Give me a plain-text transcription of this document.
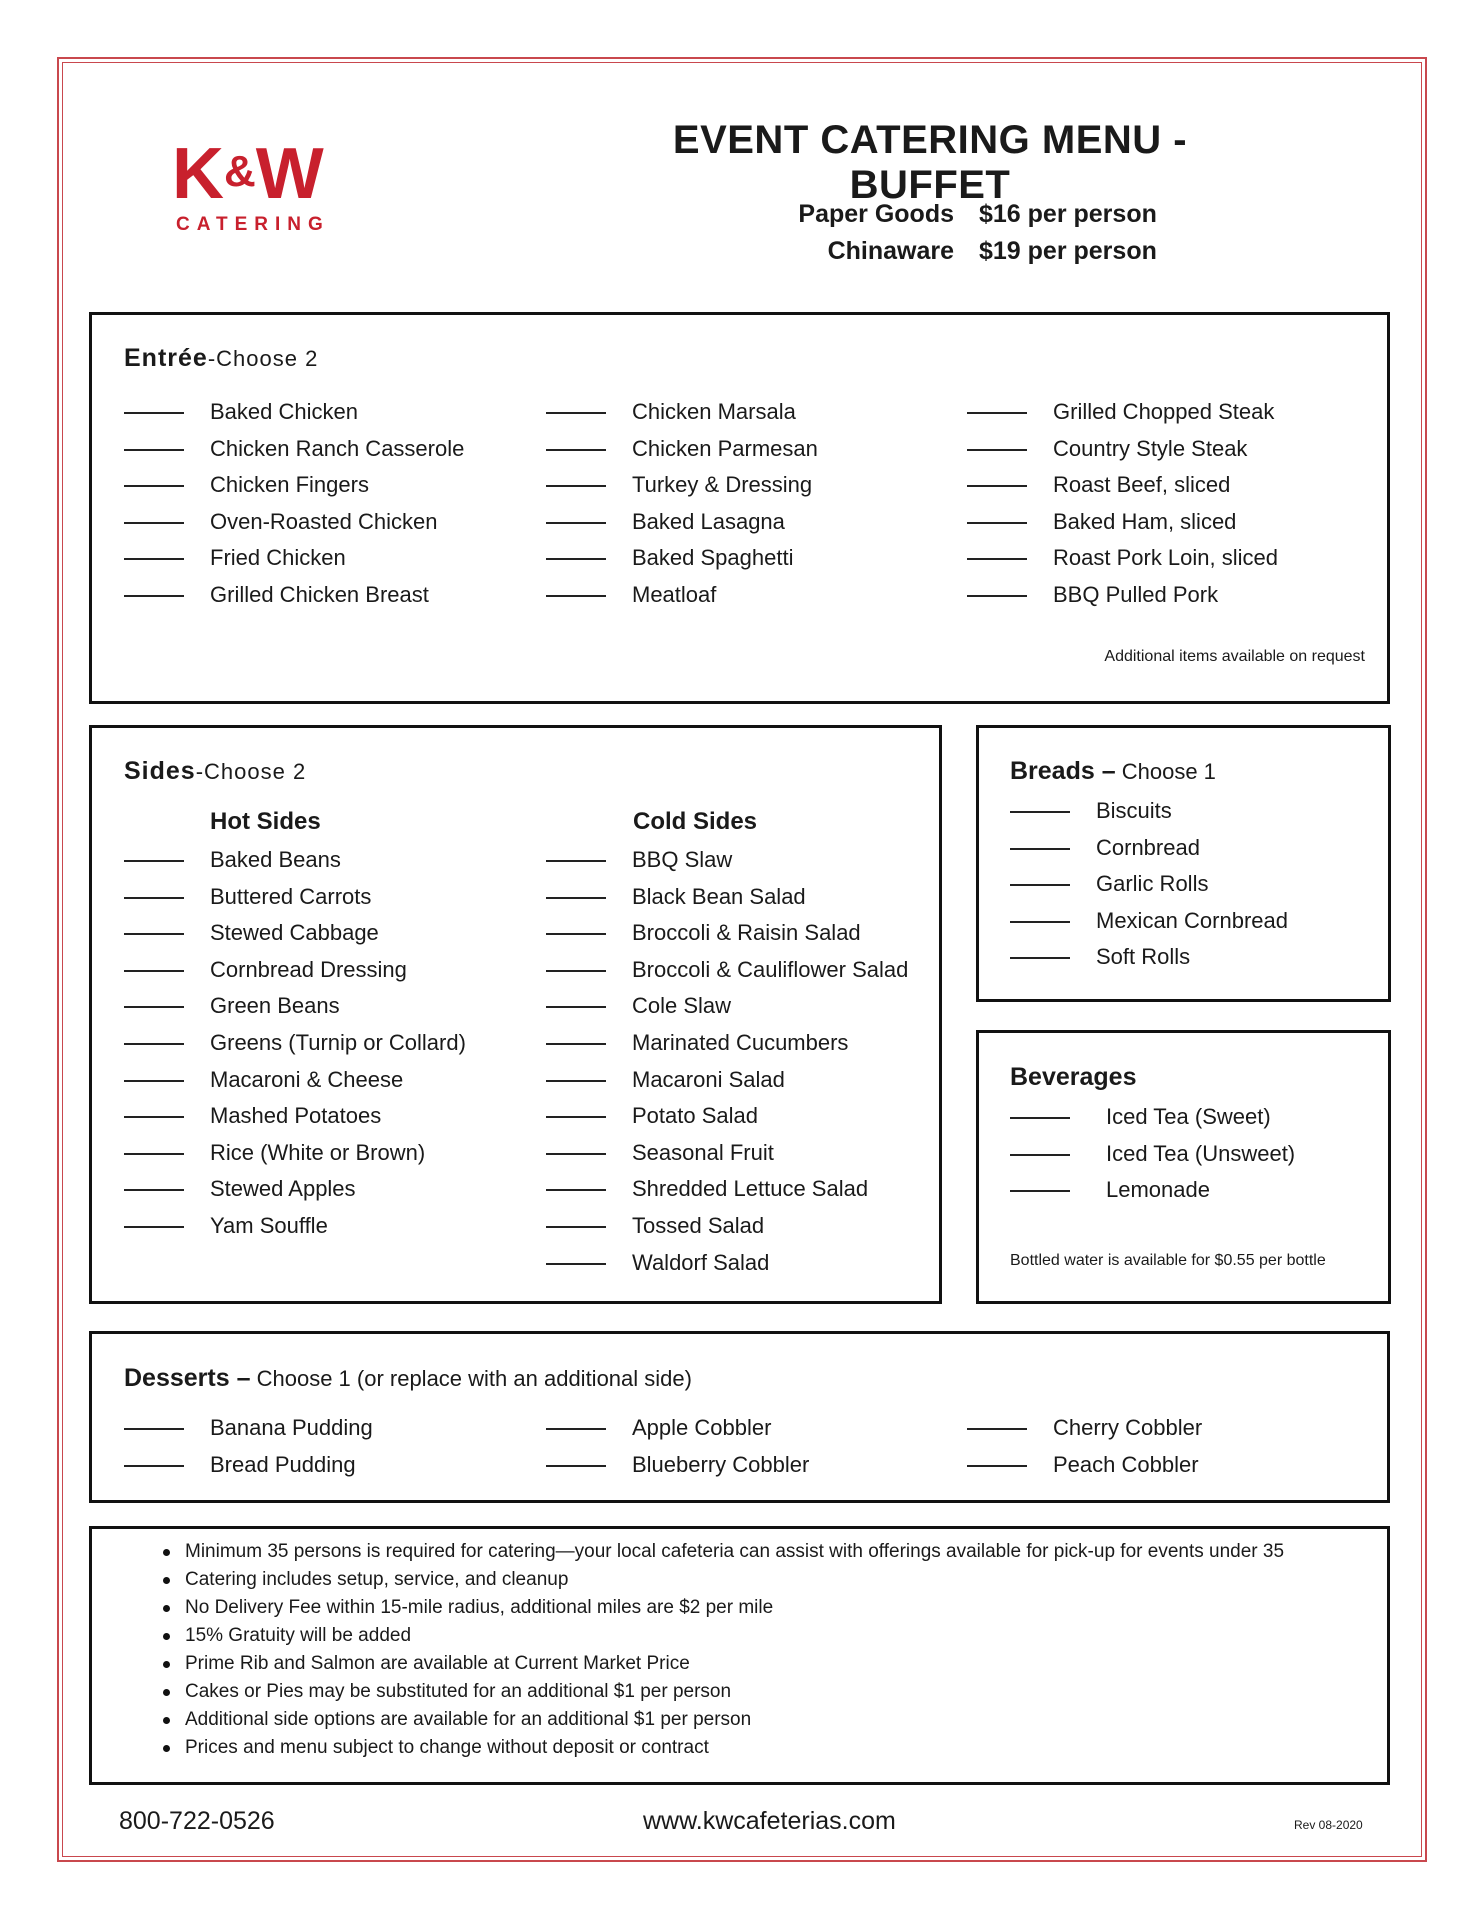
K&W
CATERING
EVENT CATERING MENU - BUFFET
Paper Goods $16 per person
Chinaware $19 per person
Entrée-Choose 2
Baked Chicken
Chicken Ranch Casserole
Chicken Fingers
Oven-Roasted Chicken
Fried Chicken
Grilled Chicken Breast
Chicken Marsala
Chicken Parmesan
Turkey & Dressing
Baked Lasagna
Baked Spaghetti
Meatloaf
Grilled Chopped Steak
Country Style Steak
Roast Beef, sliced
Baked Ham, sliced
Roast Pork Loin, sliced
BBQ Pulled Pork
Additional items available on request
Sides-Choose 2
Hot Sides	Cold Sides
Baked Beans
Buttered Carrots
Stewed Cabbage
Cornbread Dressing
Green Beans
Greens (Turnip or Collard)
Macaroni & Cheese
Mashed Potatoes
Rice (White or Brown)
Stewed Apples
Yam Souffle
BBQ Slaw
Black Bean Salad
Broccoli & Raisin Salad
Broccoli & Cauliflower Salad
Cole Slaw
Marinated Cucumbers
Macaroni Salad
Potato Salad
Seasonal Fruit
Shredded Lettuce Salad
Tossed Salad
Waldorf Salad
Breads – Choose 1
Biscuits
Cornbread
Garlic Rolls
Mexican Cornbread
Soft Rolls
Beverages
Iced Tea (Sweet)
Iced Tea (Unsweet)
Lemonade
Bottled water is available for $0.55 per bottle
Desserts – Choose 1 (or replace with an additional side)
Banana Pudding
Bread Pudding
Apple Cobbler
Blueberry Cobbler
Cherry Cobbler
Peach Cobbler
Minimum 35 persons is required for catering—your local cafeteria can assist with offerings available for pick-up for events under 35
Catering includes setup, service, and cleanup
No Delivery Fee within 15-mile radius, additional miles are $2 per mile
15% Gratuity will be added
Prime Rib and Salmon are available at Current Market Price
Cakes or Pies may be substituted for an additional $1 per person
Additional side options are available for an additional $1 per person
Prices and menu subject to change without deposit or contract
800-722-0526	www.kwcafeterias.com	Rev 08-2020
